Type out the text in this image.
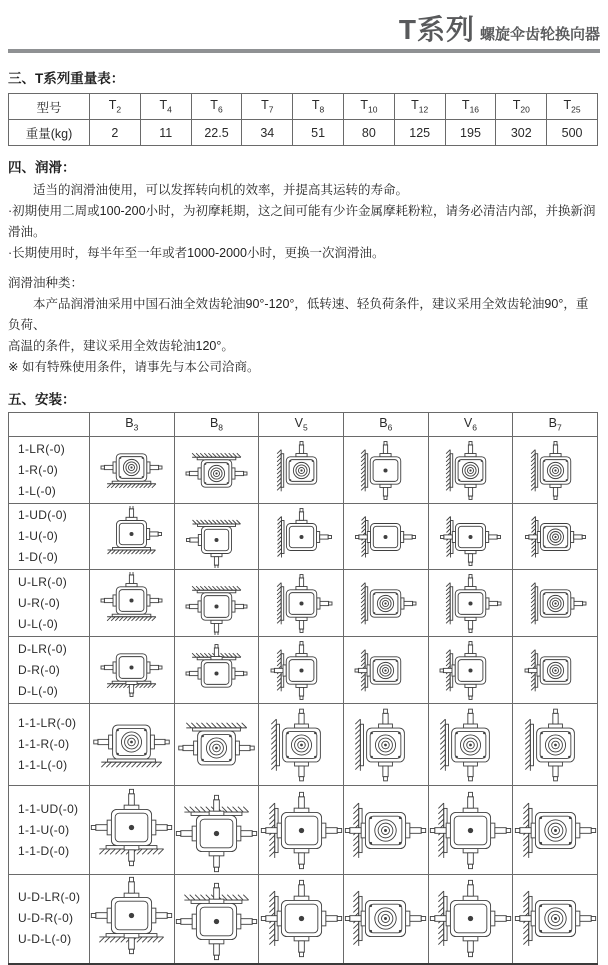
T系列 螺旋伞齿轮换向器
三、T系列重量表：
型号	$T_2$	$T_4$	$T_6$	$T_7$	$T_8$	$T_{10}$	$T_{12}$	$T_{16}$	$T_{20}$	$T_{25}$
重量(kg)	2	11	22.5	34	51	80	125	195	302	500
四、润滑：

适当的润滑油使用，可以发挥转向机的效率，并提高其运转的寿命。

·初期使用二周或100-200小时，为初摩耗期，这之间可能有少许金属摩耗粉粒，请务必清洁内部，并换新润滑油。

·长期使用时，每半年至一年或者1000-2000小时，更换一次润滑油。

润滑油种类：

本产品润滑油采用中国石油全效齿轮油90°-120°，低转速、轻负荷条件，建议采用全效齿轮油90°，重负荷、

高温的条件，建议采用全效齿轮油120°。

※ 如有特殊使用条件，请事先与本公司洽商。

五、安装：
	$B_3$	$B_8$	$V_5$	$B_6$	$V_6$	$B_7$

1-LR(-0)
1-R(-0)
1-L(-0)

1-UD(-0)
1-U(-0)
1-D(-0)

U-LR(-0)
U-R(-0)
U-L(-0)

D-LR(-0)
D-R(-0)
D-L(-0)

1-1-LR(-0)
1-1-R(-0)
1-1-L(-0)

1-1-UD(-0)
1-1-U(-0)
1-1-D(-0)

U-D-LR(-0)
U-D-R(-0)
U-D-L(-0)
